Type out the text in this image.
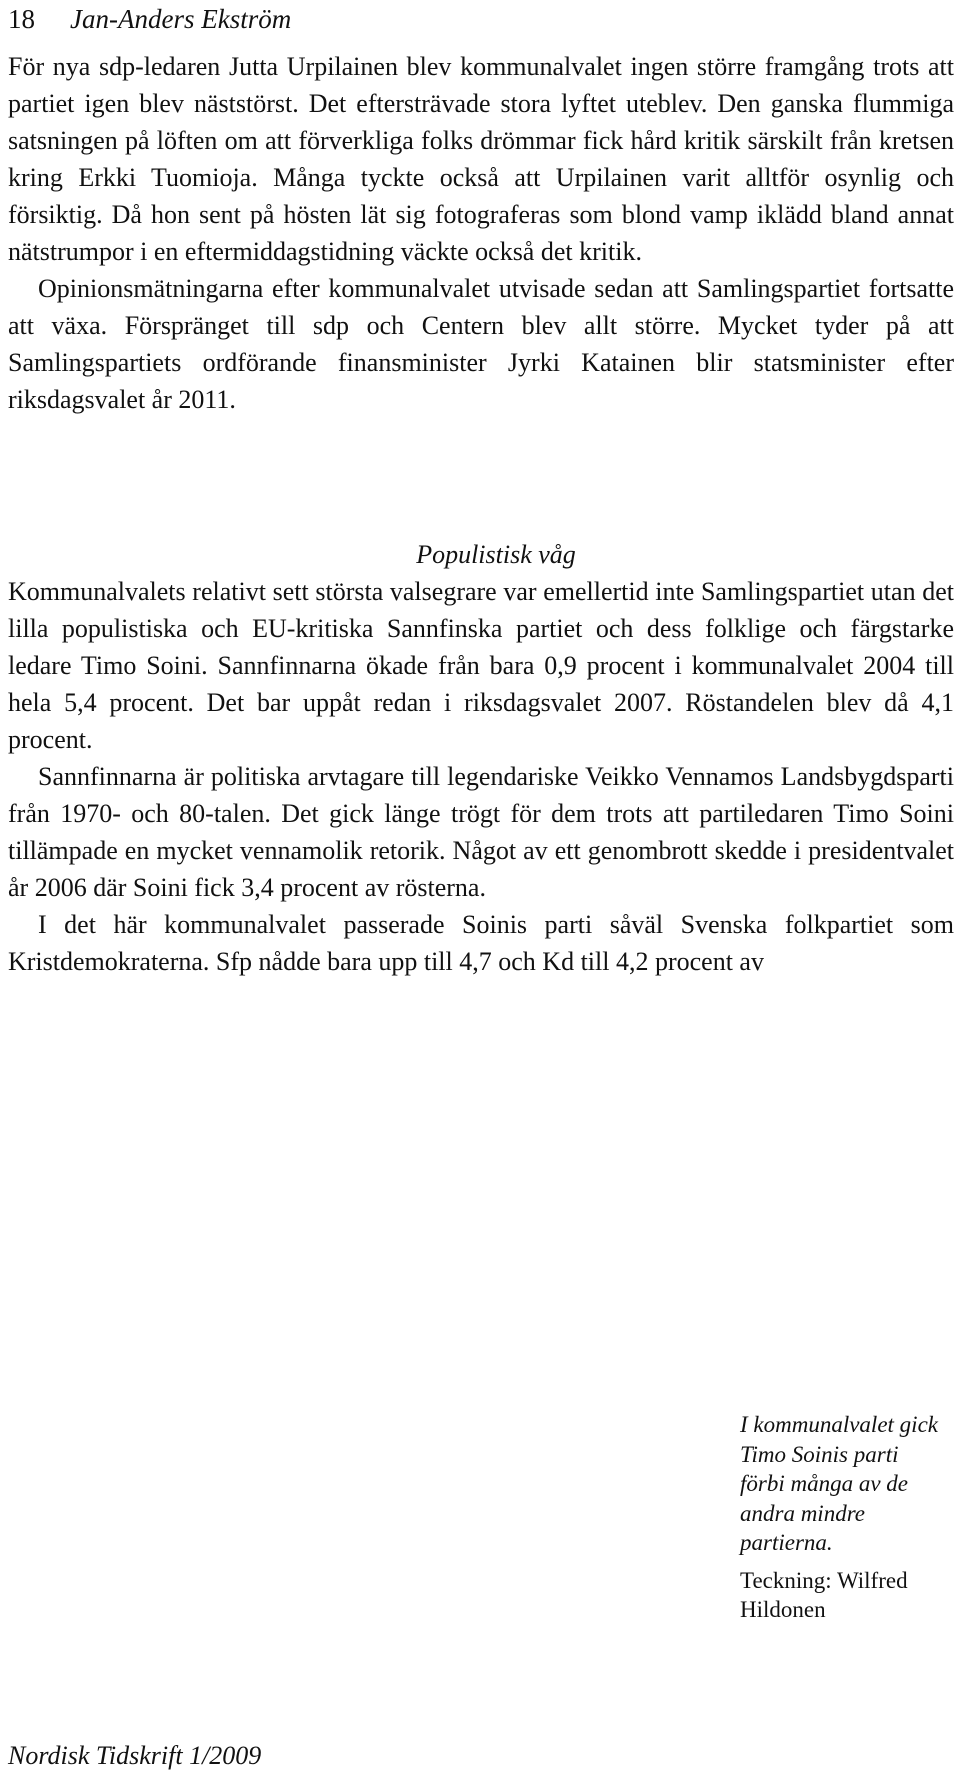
18 Jan-Anders Ekström

För nya sdp-ledaren Jutta Urpilainen blev kommunalvalet ingen större framgång trots att partiet igen blev näststörst. Det eftersträvade stora lyftet uteblev. Den ganska flummiga satsningen på löften om att förverkliga folks drömmar fick hård kritik särskilt från kretsen kring Erkki Tuomioja. Många tyckte också att Urpilainen varit alltför osynlig och försiktig. Då hon sent på hösten lät sig fotograferas som blond vamp iklädd bland annat nätstrumpor i en eftermiddagstidning väckte också det kritik.

Opinionsmätningarna efter kommunalvalet utvisade sedan att Samlingspartiet fortsatte att växa. Förspränget till sdp och Centern blev allt större. Mycket tyder på att Samlingspartiets ordförande finansminister Jyrki Katainen blir statsminister efter riksdagsvalet år 2011.

Populistisk våg

Kommunalvalets relativt sett största valsegrare var emellertid inte Samlingspartiet utan det lilla populistiska och EU-kritiska Sannfinska partiet och dess folklige och färgstarke ledare Timo Soini. Sannfinnarna ökade från bara 0,9 procent i kommunalvalet 2004 till hela 5,4 procent. Det bar uppåt redan i riksdagsvalet 2007. Röstandelen blev då 4,1 procent.

Sannfinnarna är politiska arvtagare till legendariske Veikko Vennamos Landsbygdsparti från 1970- och 80-talen. Det gick länge trögt för dem trots att partiledaren Timo Soini tillämpade en mycket vennamolik retorik. Något av ett genombrott skedde i presidentvalet år 2006 där Soini fick 3,4 procent av rösterna.

I det här kommunalvalet passerade Soinis parti såväl Svenska folkpartiet som Kristdemokraterna. Sfp nådde bara upp till 4,7 och Kd till 4,2 procent av

I kommunalvalet gick Timo Soinis parti förbi många av de andra mindre partierna.

Teckning: Wilfred Hildonen

Nordisk Tidskrift 1/2009
